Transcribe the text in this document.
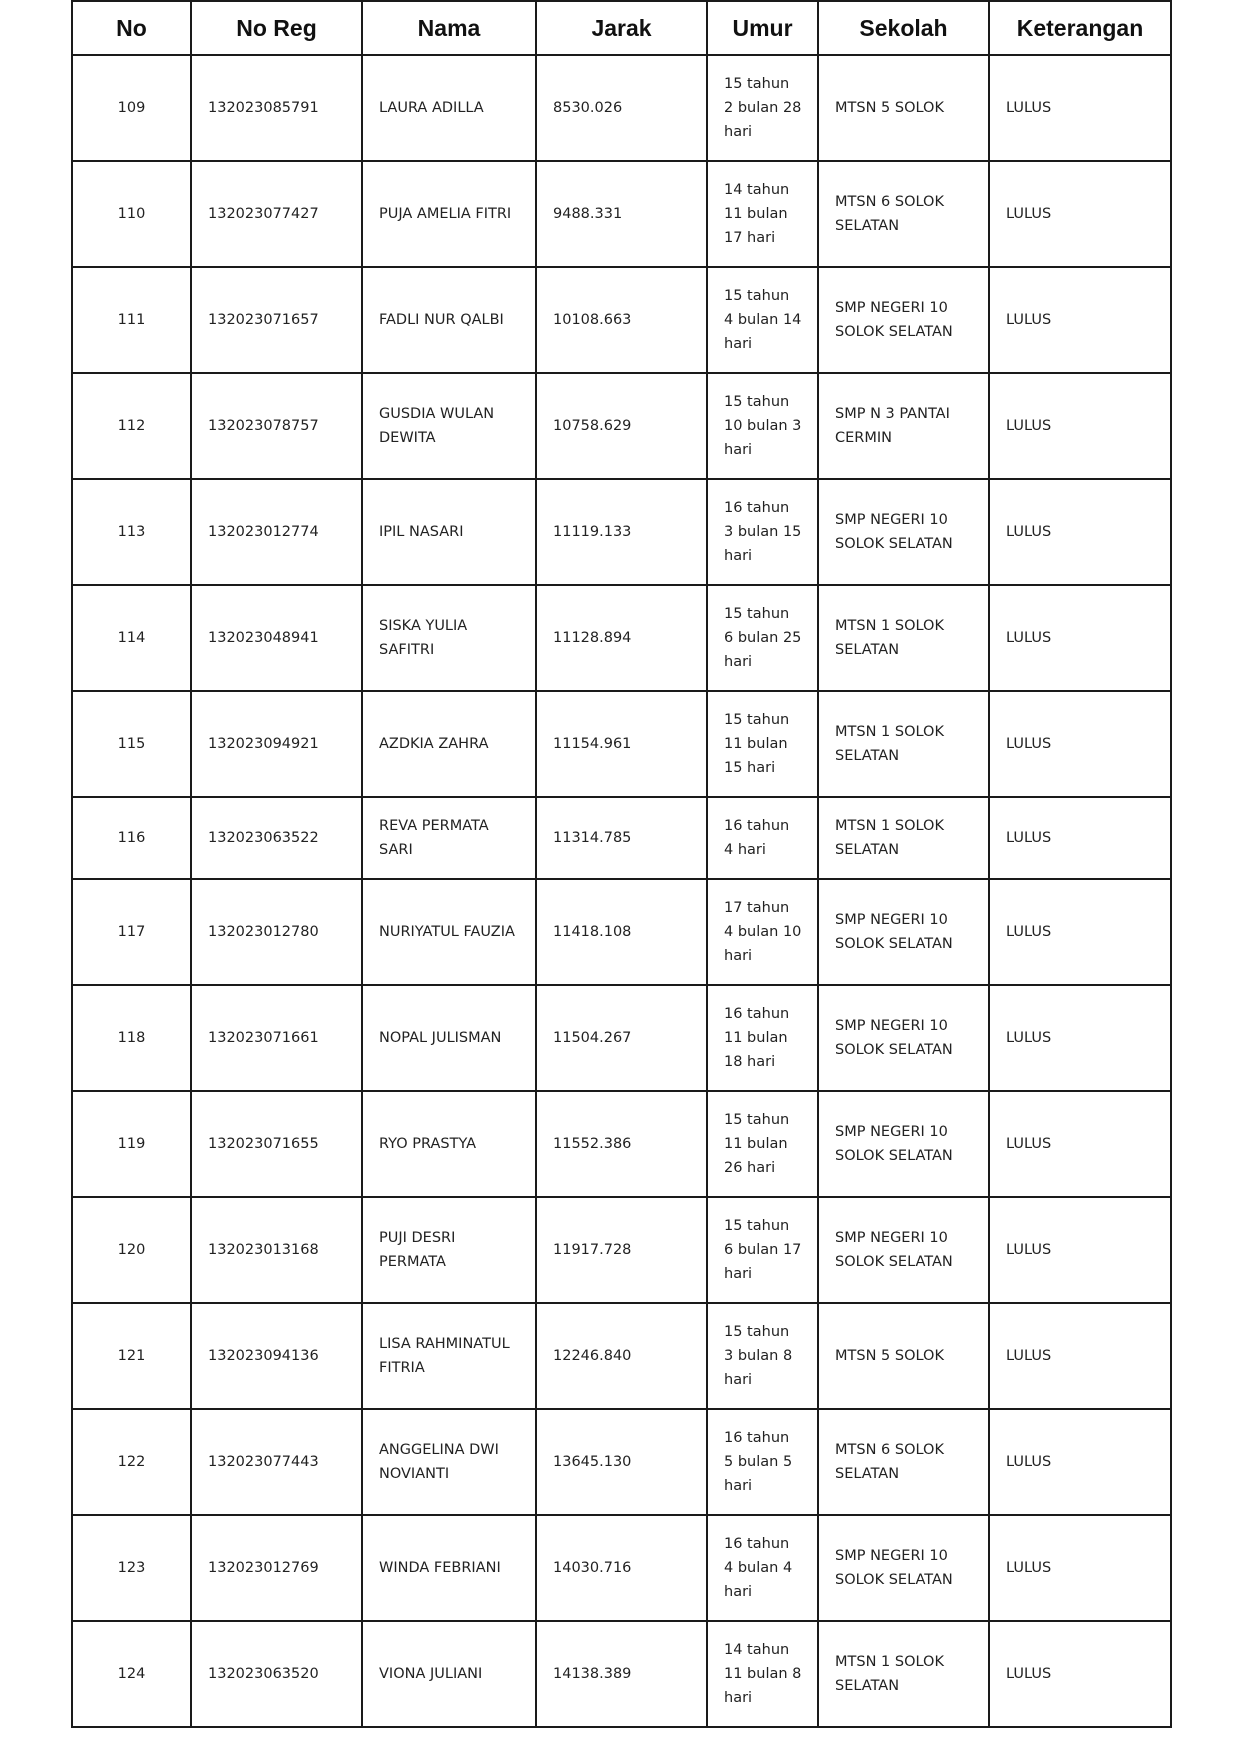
No	No Reg	Nama	Jarak	Umur	Sekolah	Keterangan
109	132023085791	LAURA ADILLA	8530.026	15 tahun 2 bulan 28 hari	MTSN 5 SOLOK	LULUS
110	132023077427	PUJA AMELIA FITRI	9488.331	14 tahun 11 bulan 17 hari	MTSN 6 SOLOK SELATAN	LULUS
111	132023071657	FADLI NUR QALBI	10108.663	15 tahun 4 bulan 14 hari	SMP NEGERI 10 SOLOK SELATAN	LULUS
112	132023078757	GUSDIA WULAN DEWITA	10758.629	15 tahun 10 bulan 3 hari	SMP N 3 PANTAI CERMIN	LULUS
113	132023012774	IPIL NASARI	11119.133	16 tahun 3 bulan 15 hari	SMP NEGERI 10 SOLOK SELATAN	LULUS
114	132023048941	SISKA YULIA SAFITRI	11128.894	15 tahun 6 bulan 25 hari	MTSN 1 SOLOK SELATAN	LULUS
115	132023094921	AZDKIA ZAHRA	11154.961	15 tahun 11 bulan 15 hari	MTSN 1 SOLOK SELATAN	LULUS
116	132023063522	REVA PERMATA SARI	11314.785	16 tahun 4 hari	MTSN 1 SOLOK SELATAN	LULUS
117	132023012780	NURIYATUL FAUZIA	11418.108	17 tahun 4 bulan 10 hari	SMP NEGERI 10 SOLOK SELATAN	LULUS
118	132023071661	NOPAL JULISMAN	11504.267	16 tahun 11 bulan 18 hari	SMP NEGERI 10 SOLOK SELATAN	LULUS
119	132023071655	RYO PRASTYA	11552.386	15 tahun 11 bulan 26 hari	SMP NEGERI 10 SOLOK SELATAN	LULUS
120	132023013168	PUJI DESRI PERMATA	11917.728	15 tahun 6 bulan 17 hari	SMP NEGERI 10 SOLOK SELATAN	LULUS
121	132023094136	LISA RAHMINATUL FITRIA	12246.840	15 tahun 3 bulan 8 hari	MTSN 5 SOLOK	LULUS
122	132023077443	ANGGELINA DWI NOVIANTI	13645.130	16 tahun 5 bulan 5 hari	MTSN 6 SOLOK SELATAN	LULUS
123	132023012769	WINDA FEBRIANI	14030.716	16 tahun 4 bulan 4 hari	SMP NEGERI 10 SOLOK SELATAN	LULUS
124	132023063520	VIONA JULIANI	14138.389	14 tahun 11 bulan 8 hari	MTSN 1 SOLOK SELATAN	LULUS
